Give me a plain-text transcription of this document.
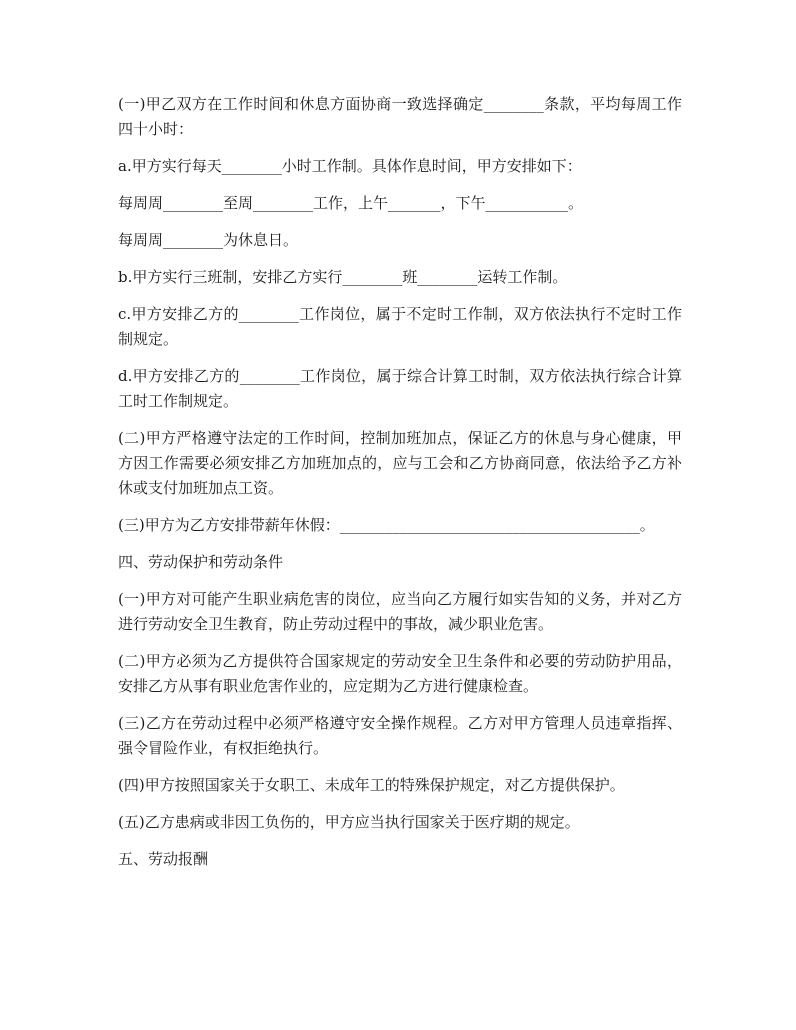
(一)甲乙双方在工作时间和休息方面协商一致选择确定________条款，平均每周工作四十小时：

a.甲方实行每天________小时工作制。具体作息时间，甲方安排如下：

每周周________至周________工作，上午_______，下午___________。

每周周________为休息日。

b.甲方实行三班制，安排乙方实行________班________运转工作制。

c.甲方安排乙方的________工作岗位，属于不定时工作制，双方依法执行不定时工作制规定。

d.甲方安排乙方的________工作岗位，属于综合计算工时制，双方依法执行综合计算工时工作制规定。

(二)甲方严格遵守法定的工作时间，控制加班加点，保证乙方的休息与身心健康，甲方因工作需要必须安排乙方加班加点的，应与工会和乙方协商同意，依法给予乙方补休或支付加班加点工资。

(三)甲方为乙方安排带薪年休假：________________________________________。

四、劳动保护和劳动条件

(一)甲方对可能产生职业病危害的岗位，应当向乙方履行如实告知的义务，并对乙方进行劳动安全卫生教育，防止劳动过程中的事故，减少职业危害。

(二)甲方必须为乙方提供符合国家规定的劳动安全卫生条件和必要的劳动防护用品，安排乙方从事有职业危害作业的，应定期为乙方进行健康检查。

(三)乙方在劳动过程中必须严格遵守安全操作规程。乙方对甲方管理人员违章指挥、强令冒险作业，有权拒绝执行。

(四)甲方按照国家关于女职工、未成年工的特殊保护规定，对乙方提供保护。

(五)乙方患病或非因工负伤的，甲方应当执行国家关于医疗期的规定。

五、劳动报酬
